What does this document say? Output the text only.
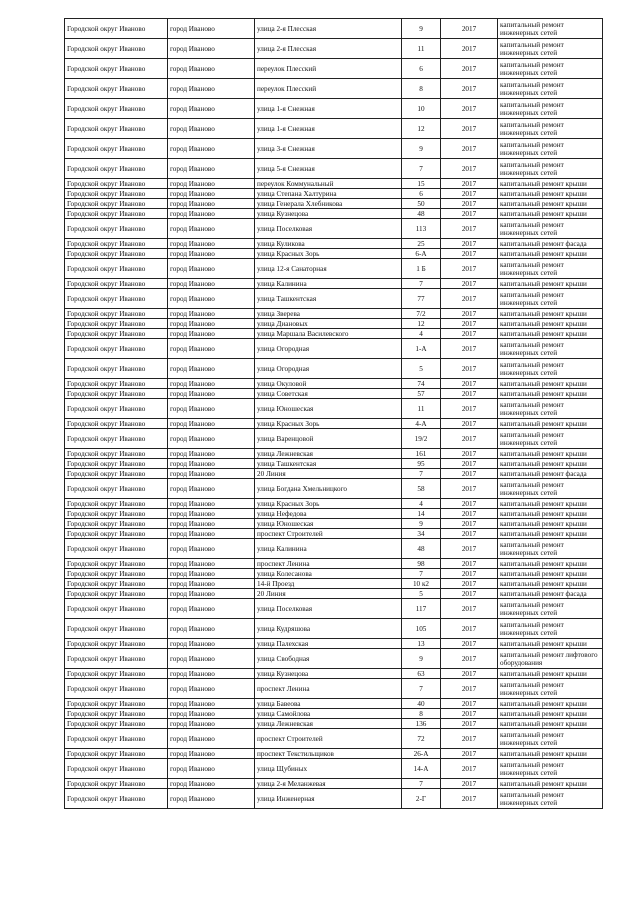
Городской округ Иваново	город Иваново	улица 2-я Плесская	9	2017	капитальный ремонт инженерных сетей
Городской округ Иваново	город Иваново	улица 2-я Плесская	11	2017	капитальный ремонт инженерных сетей
Городской округ Иваново	город Иваново	переулок Плесский	6	2017	капитальный ремонт инженерных сетей
Городской округ Иваново	город Иваново	переулок Плесский	8	2017	капитальный ремонт инженерных сетей
Городской округ Иваново	город Иваново	улица 1-я Снежная	10	2017	капитальный ремонт инженерных сетей
Городской округ Иваново	город Иваново	улица 1-я Снежная	12	2017	капитальный ремонт инженерных сетей
Городской округ Иваново	город Иваново	улица 3-я Снежная	9	2017	капитальный ремонт инженерных сетей
Городской округ Иваново	город Иваново	улица 5-я Снежная	7	2017	капитальный ремонт инженерных сетей
Городской округ Иваново	город Иваново	переулок Коммунальный	15	2017	капитальный ремонт крыши
Городской округ Иваново	город Иваново	улица Степана Халтурина	6	2017	капитальный ремонт крыши
Городской округ Иваново	город Иваново	улица Генерала Хлебникова	50	2017	капитальный ремонт крыши
Городской округ Иваново	город Иваново	улица Кузнецова	48	2017	капитальный ремонт крыши
Городской округ Иваново	город Иваново	улица Поселковая	113	2017	капитальный ремонт инженерных сетей
Городской округ Иваново	город Иваново	улица Куликова	25	2017	капитальный ремонт фасада
Городской округ Иваново	город Иваново	улица Красных Зорь	6-А	2017	капитальный ремонт крыши
Городской округ Иваново	город Иваново	улица 12-я Санаторная	1 Б	2017	капитальный ремонт инженерных сетей
Городской округ Иваново	город Иваново	улица Калинина	7	2017	капитальный ремонт крыши
Городской округ Иваново	город Иваново	улица Ташкентская	77	2017	капитальный ремонт инженерных сетей
Городской округ Иваново	город Иваново	улица Зверева	7/2	2017	капитальный ремонт крыши
Городской округ Иваново	город Иваново	улица Диановых	12	2017	капитальный ремонт крыши
Городской округ Иваново	город Иваново	улица Маршала Василевского	4	2017	капитальный ремонт крыши
Городской округ Иваново	город Иваново	улица Огородная	1-А	2017	капитальный ремонт инженерных сетей
Городской округ Иваново	город Иваново	улица Огородная	5	2017	капитальный ремонт инженерных сетей
Городской округ Иваново	город Иваново	улица Окуловой	74	2017	капитальный ремонт крыши
Городской округ Иваново	город Иваново	улица Советская	57	2017	капитальный ремонт крыши
Городской округ Иваново	город Иваново	улица Юношеская	11	2017	капитальный ремонт инженерных сетей
Городской округ Иваново	город Иваново	улица Красных Зорь	4-А	2017	капитальный ремонт крыши
Городской округ Иваново	город Иваново	улица Варенцовой	19/2	2017	капитальный ремонт инженерных сетей
Городской округ Иваново	город Иваново	улица Лежневская	161	2017	капитальный ремонт крыши
Городской округ Иваново	город Иваново	улица Ташкентская	95	2017	капитальный ремонт крыши
Городской округ Иваново	город Иваново	20 Линия	7	2017	капитальный ремонт фасада
Городской округ Иваново	город Иваново	улица Богдана Хмельницкого	58	2017	капитальный ремонт инженерных сетей
Городской округ Иваново	город Иваново	улица Красных Зорь	4	2017	капитальный ремонт крыши
Городской округ Иваново	город Иваново	улица Нефедова	14	2017	капитальный ремонт крыши
Городской округ Иваново	город Иваново	улица Юношеская	9	2017	капитальный ремонт крыши
Городской округ Иваново	город Иваново	проспект Строителей	34	2017	капитальный ремонт крыши
Городской округ Иваново	город Иваново	улица Калинина	48	2017	капитальный ремонт инженерных сетей
Городской округ Иваново	город Иваново	проспект Ленина	98	2017	капитальный ремонт крыши
Городской округ Иваново	город Иваново	улица Колесанова	7	2017	капитальный ремонт крыши
Городской округ Иваново	город Иваново	14-й Проезд	10 к2	2017	капитальный ремонт крыши
Городской округ Иваново	город Иваново	20 Линия	5	2017	капитальный ремонт фасада
Городской округ Иваново	город Иваново	улица Поселковая	117	2017	капитальный ремонт инженерных сетей
Городской округ Иваново	город Иваново	улица Кудряшова	105	2017	капитальный ремонт инженерных сетей
Городской округ Иваново	город Иваново	улица Палехская	13	2017	капитальный ремонт крыши
Городской округ Иваново	город Иваново	улица Свободная	9	2017	капитальный ремонт лифтового оборудования
Городской округ Иваново	город Иваново	улица Кузнецова	63	2017	капитальный ремонт крыши
Городской округ Иваново	город Иваново	проспект Ленина	7	2017	капитальный ремонт инженерных сетей
Городской округ Иваново	город Иваново	улица Бавеова	40	2017	капитальный ремонт крыши
Городской округ Иваново	город Иваново	улица Самойлова	8	2017	капитальный ремонт крыши
Городской округ Иваново	город Иваново	улица Лежневская	136	2017	капитальный ремонт крыши
Городской округ Иваново	город Иваново	проспект Строителей	72	2017	капитальный ремонт инженерных сетей
Городской округ Иваново	город Иваново	проспект Текстильщиков	26-А	2017	капитальный ремонт крыши
Городской округ Иваново	город Иваново	улица Щубиных	14-А	2017	капитальный ремонт инженерных сетей
Городской округ Иваново	город Иваново	улица 2-я Меланжевая	7	2017	капитальный ремонт крыши
Городской округ Иваново	город Иваново	улица Инженерная	2-Г	2017	капитальный ремонт инженерных сетей
